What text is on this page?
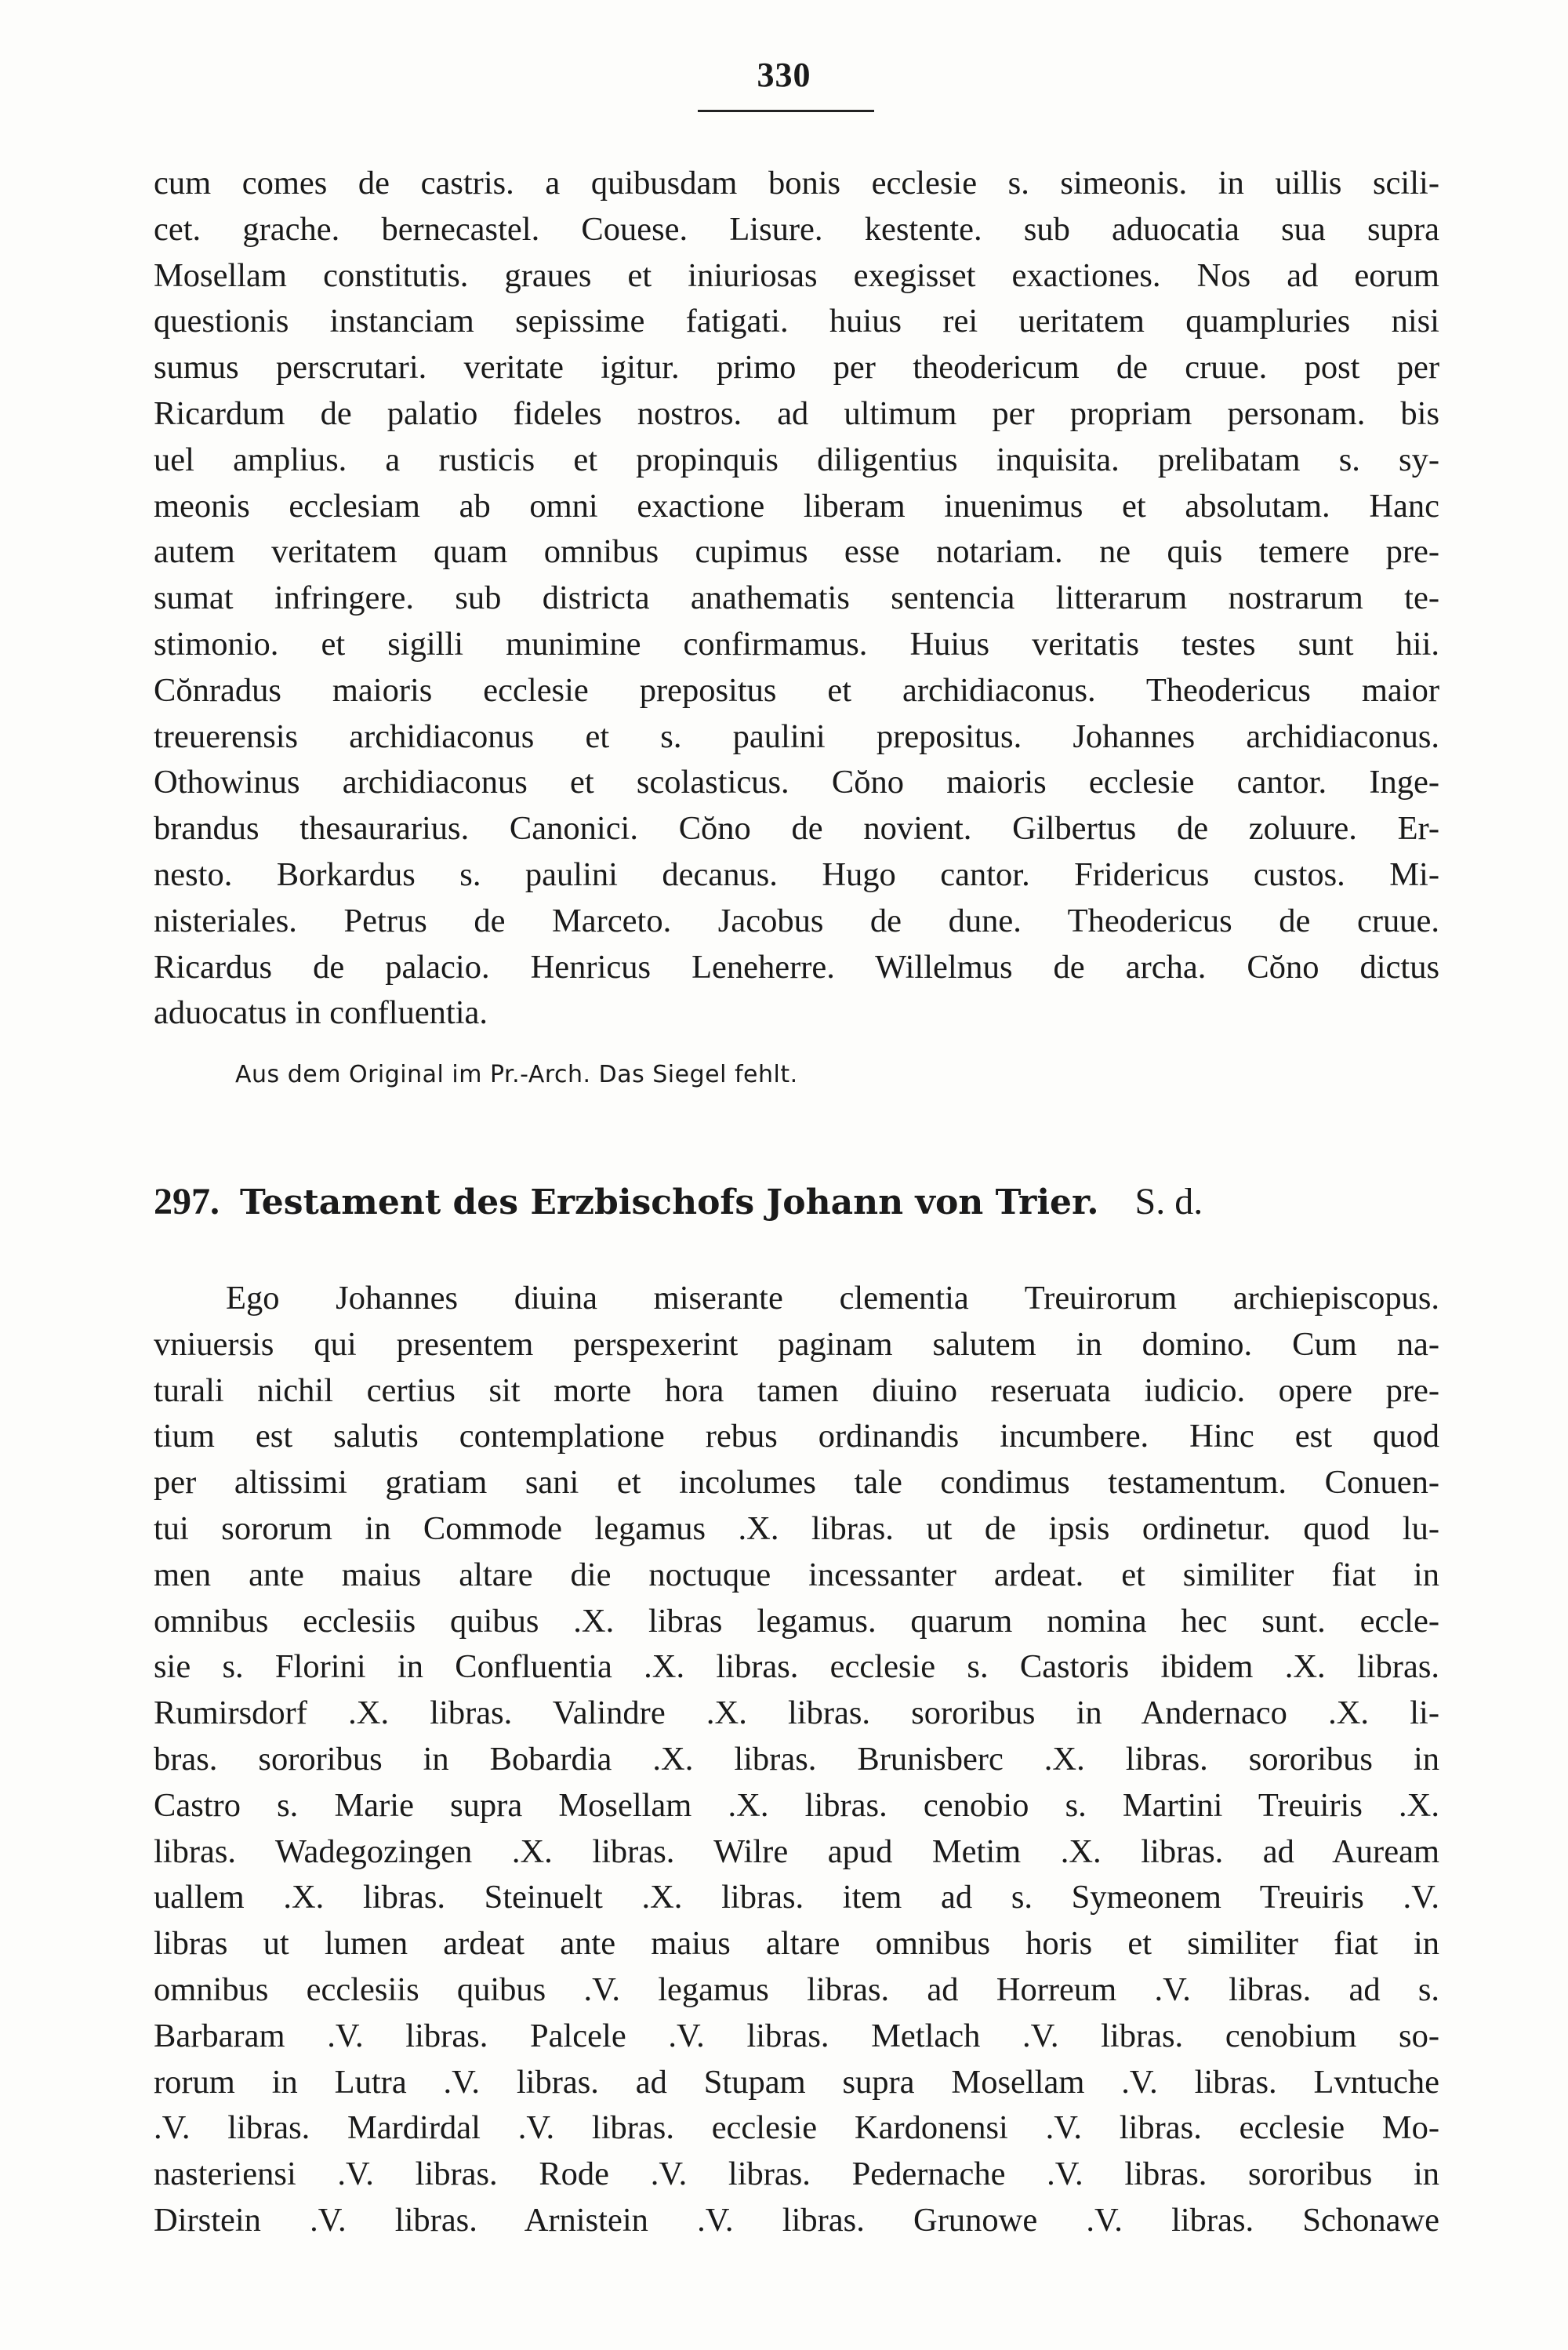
330
cum comes de castris. a quibusdam bonis ecclesie s. simeonis. in uillis scili-
cet. grache. bernecastel. Couese. Lisure. kestente. sub aduocatia sua supra
Mosellam constitutis. graues et iniuriosas exegisset exactiones. Nos ad eorum
questionis instanciam sepissime fatigati. huius rei ueritatem quampluries nisi
sumus perscrutari. veritate igitur. primo per theodericum de cruue. post per
Ricardum de palatio fideles nostros. ad ultimum per propriam personam. bis
uel amplius. a rusticis et propinquis diligentius inquisita. prelibatam s. sy-
meonis ecclesiam ab omni exactione liberam inuenimus et absolutam. Hanc
autem veritatem quam omnibus cupimus esse notariam. ne quis temere pre-
sumat infringere. sub districta anathematis sentencia litterarum nostrarum te-
stimonio. et sigilli munimine confirmamus. Huius veritatis testes sunt hii.
Cŏnradus maioris ecclesie prepositus et archidiaconus. Theodericus maior
treuerensis archidiaconus et s. paulini prepositus. Johannes archidiaconus.
Othowinus archidiaconus et scolasticus. Cŏno maioris ecclesie cantor. Inge-
brandus thesaurarius. Canonici. Cŏno de novient. Gilbertus de zoluure. Er-
nesto. Borkardus s. paulini decanus. Hugo cantor. Fridericus custos. Mi-
nisteriales. Petrus de Marceto. Jacobus de dune. Theodericus de cruue.
Ricardus de palacio. Henricus Leneherre. Willelmus de archa. Cŏno dictus
aduocatus in confluentia.
Aus dem Original im Pr.-Arch. Das Siegel fehlt.
297. Testament des Erzbischofs Johann von Trier. S. d.
Ego Johannes diuina miserante clementia Treuirorum archiepiscopus.
vniuersis qui presentem perspexerint paginam salutem in domino. Cum na-
turali nichil certius sit morte hora tamen diuino reseruata iudicio. opere pre-
tium est salutis contemplatione rebus ordinandis incumbere. Hinc est quod
per altissimi gratiam sani et incolumes tale condimus testamentum. Conuen-
tui sororum in Commode legamus .X. libras. ut de ipsis ordinetur. quod lu-
men ante maius altare die noctuque incessanter ardeat. et similiter fiat in
omnibus ecclesiis quibus .X. libras legamus. quarum nomina hec sunt. eccle-
sie s. Florini in Confluentia .X. libras. ecclesie s. Castoris ibidem .X. libras.
Rumirsdorf .X. libras. Valindre .X. libras. sororibus in Andernaco .X. li-
bras. sororibus in Bobardia .X. libras. Brunisberc .X. libras. sororibus in
Castro s. Marie supra Mosellam .X. libras. cenobio s. Martini Treuiris .X.
libras. Wadegozingen .X. libras. Wilre apud Metim .X. libras. ad Auream
uallem .X. libras. Steinuelt .X. libras. item ad s. Symeonem Treuiris .V.
libras ut lumen ardeat ante maius altare omnibus horis et similiter fiat in
omnibus ecclesiis quibus .V. legamus libras. ad Horreum .V. libras. ad s.
Barbaram .V. libras. Palcele .V. libras. Metlach .V. libras. cenobium so-
rorum in Lutra .V. libras. ad Stupam supra Mosellam .V. libras. Lvntuche
.V. libras. Mardirdal .V. libras. ecclesie Kardonensi .V. libras. ecclesie Mo-
nasteriensi .V. libras. Rode .V. libras. Pedernache .V. libras. sororibus in
Dirstein .V. libras. Arnistein .V. libras. Grunowe .V. libras. Schonawe
